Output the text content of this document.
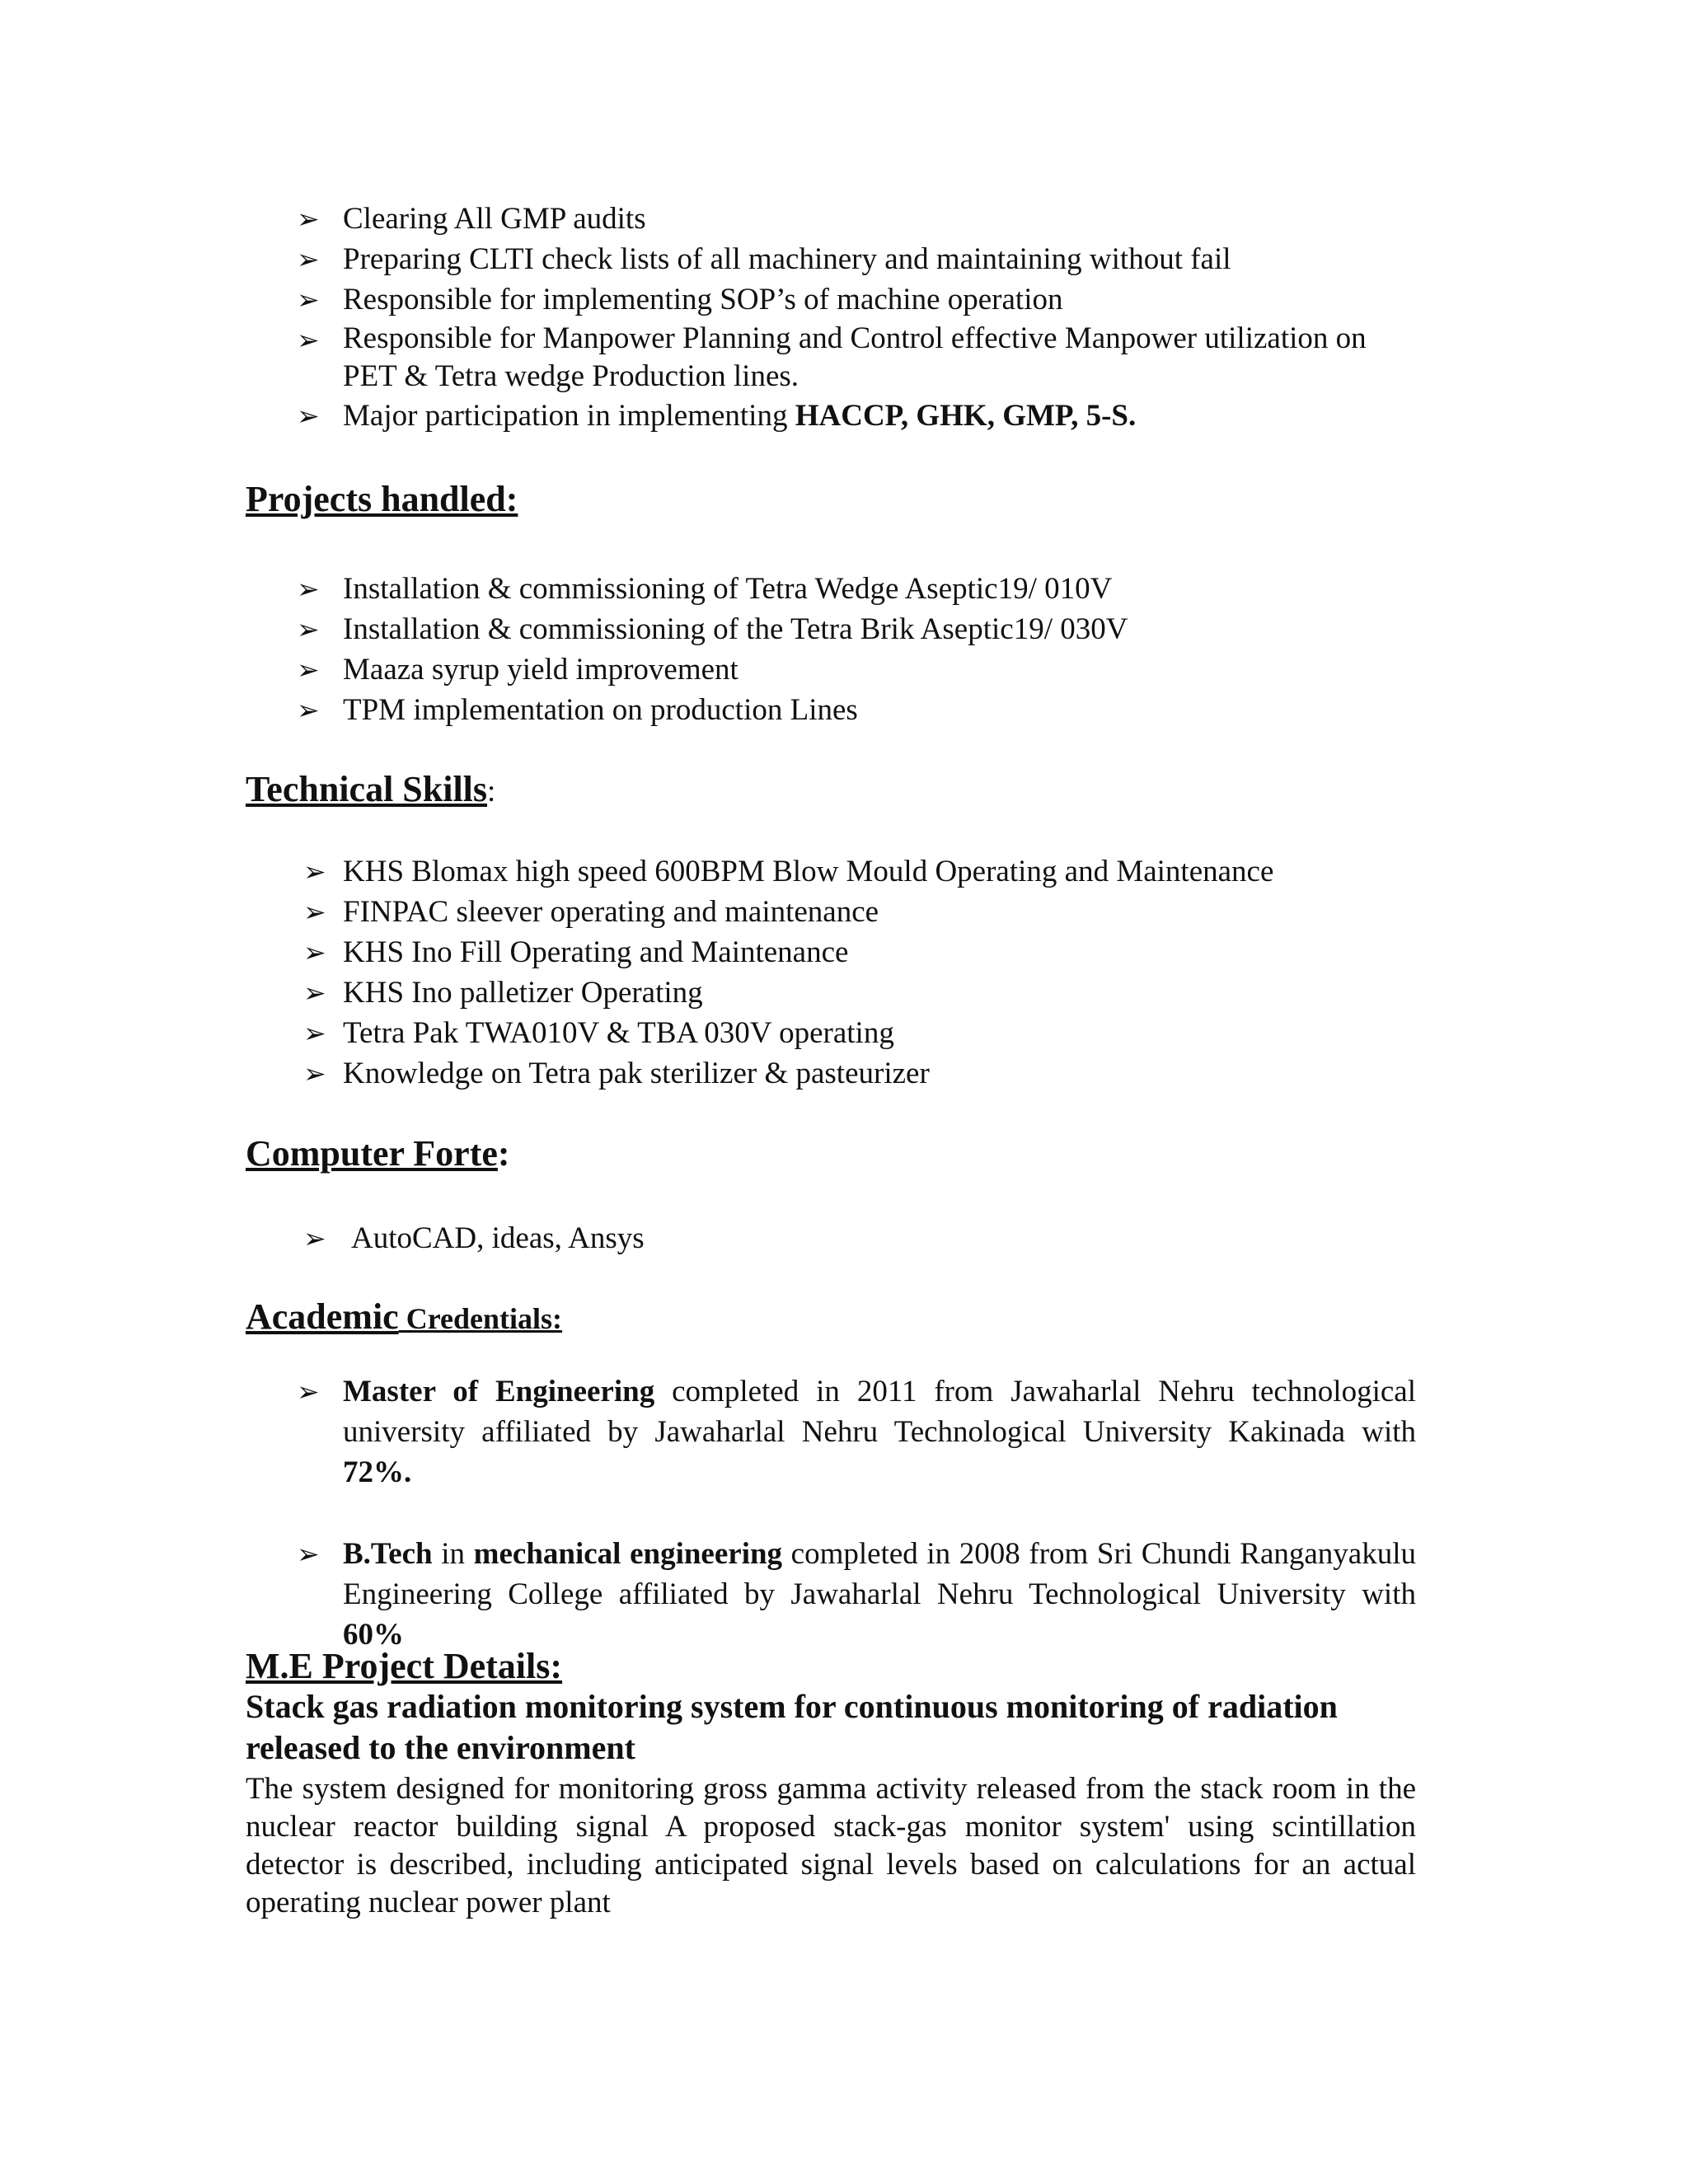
➢ Clearing All GMP audits
➢ Preparing CLTI check lists of all machinery and maintaining without fail
➢ Responsible for implementing SOP’s of machine operation
➢ Responsible for Manpower Planning and Control effective Manpower utilization on PET & Tetra wedge Production lines.
➢ Major participation in implementing HACCP, GHK, GMP, 5-S.
Projects handled:
➢ Installation & commissioning of Tetra Wedge Aseptic19/ 010V
➢ Installation & commissioning of the Tetra Brik Aseptic19/ 030V
➢ Maaza syrup yield improvement
➢ TPM implementation on production Lines
Technical Skills:
➢ KHS Blomax high speed 600BPM Blow Mould Operating and Maintenance
➢ FINPAC sleever operating and maintenance
➢ KHS Ino Fill Operating and Maintenance
➢ KHS Ino palletizer Operating
➢ Tetra Pak TWA010V & TBA 030V operating
➢ Knowledge on Tetra pak sterilizer & pasteurizer
Computer Forte:
➢ AutoCAD, ideas, Ansys
Academic Credentials:
➢ Master of Engineering completed in 2011 from Jawaharlal Nehru technological university affiliated by Jawaharlal Nehru Technological University Kakinada with 72%.
➢ B.Tech in mechanical engineering completed in 2008 from Sri Chundi Ranganyakulu Engineering College affiliated by Jawaharlal Nehru Technological University with 60%
M.E Project Details:
Stack gas radiation monitoring system for continuous monitoring of radiation released to the environment
The system designed for monitoring gross gamma activity released from the stack room in the nuclear reactor building signal A proposed stack-gas monitor system' using scintillation detector is described, including anticipated signal levels based on calculations for an actual operating nuclear power plant
